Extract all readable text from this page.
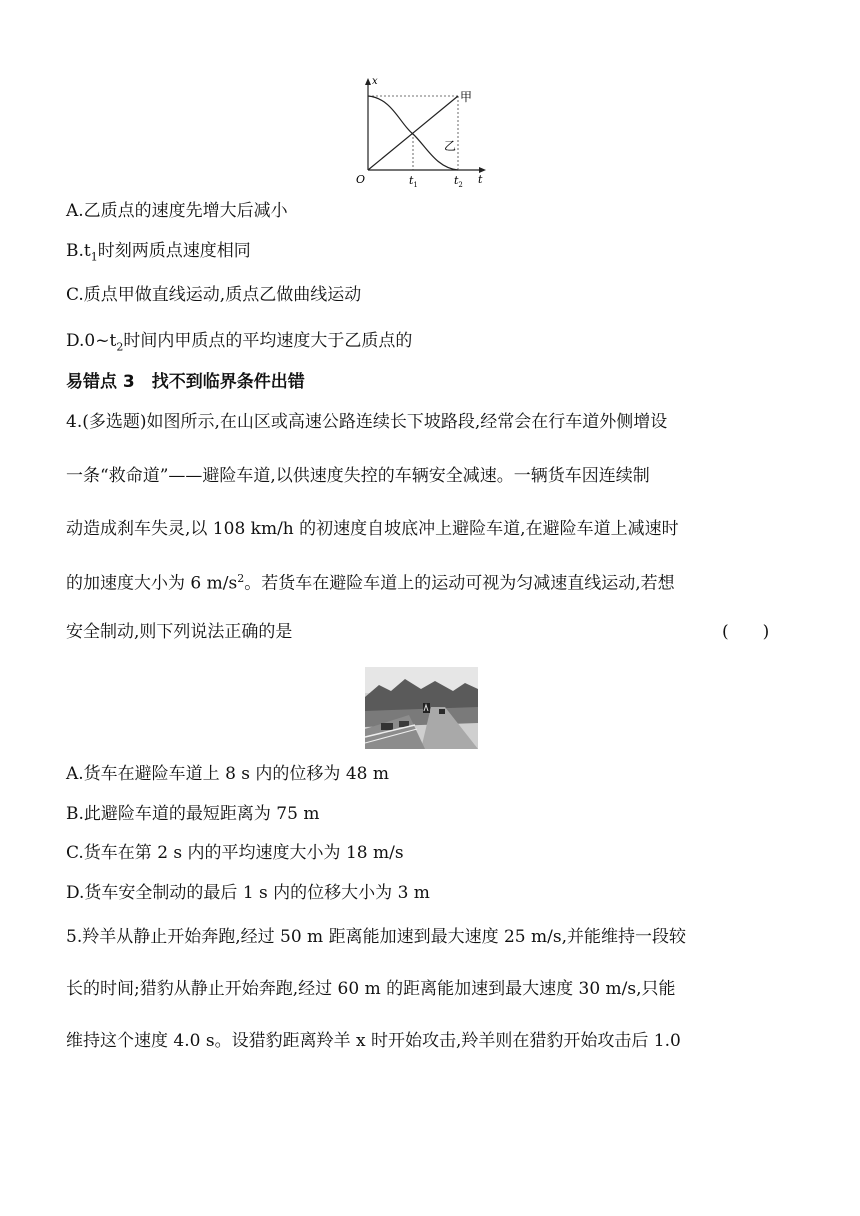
x
t
O
甲
乙
$t_1$	$t_2$
A.乙质点的速度先增大后减小
$B.t_1$时刻两质点速度相同
C.质点甲做直线运动,质点乙做曲线运动
$D.0\sim t_2$时间内甲质点的平均速度大于乙质点的
易错点 3　找不到临界条件出错
4.(多选题)如图所示,在山区或高速公路连续长下坡路段,经常会在行车道外侧增设
一条“救命道”——避险车道,以供速度失控的车辆安全减速。一辆货车因连续制
动造成刹车失灵,以 108 km/h 的初速度自坡底冲上避险车道,在避险车道上减速时
的加速度大小为 6 $m/s^2$。若货车在避险车道上的运动可视为匀减速直线运动,若想
安全制动,则下列说法正确的是	(　　)
A.货车在避险车道上 8 s 内的位移为 48 m
B.此避险车道的最短距离为 75 m
C.货车在第 2 s 内的平均速度大小为 18 m/s
D.货车安全制动的最后 1 s 内的位移大小为 3 m
5.羚羊从静止开始奔跑,经过 50 m 距离能加速到最大速度 25 m/s,并能维持一段较
长的时间;猎豹从静止开始奔跑,经过 60 m 的距离能加速到最大速度 30 m/s,只能
维持这个速度 4.0 s。设猎豹距离羚羊 x 时开始攻击,羚羊则在猎豹开始攻击后 1.0
